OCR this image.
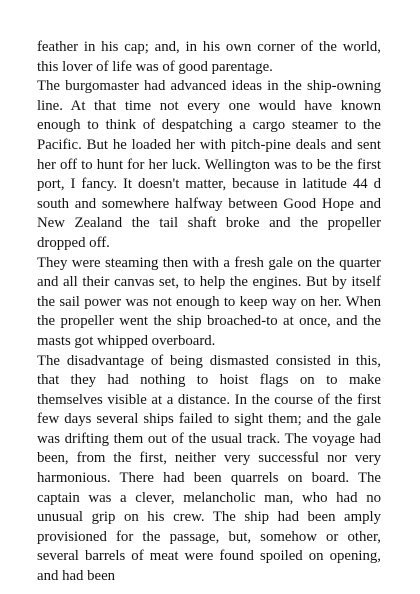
feather in his cap; and, in his own corner of the world, this lover of life was of good parentage.

The burgomaster had advanced ideas in the ship-owning line. At that time not every one would have known enough to think of despatching a cargo steamer to the Pacific. But he loaded her with pitch-pine deals and sent her off to hunt for her luck. Wellington was to be the first port, I fancy. It doesn't matter, because in latitude 44 d south and somewhere halfway between Good Hope and New Zealand the tail shaft broke and the propeller dropped off.

They were steaming then with a fresh gale on the quarter and all their canvas set, to help the engines. But by itself the sail power was not enough to keep way on her. When the propeller went the ship broached-to at once, and the masts got whipped overboard.

The disadvantage of being dismasted consisted in this, that they had nothing to hoist flags on to make themselves visible at a distance. In the course of the first few days several ships failed to sight them; and the gale was drifting them out of the usual track. The voyage had been, from the first, neither very successful nor very harmonious. There had been quarrels on board. The captain was a clever, melancholic man, who had no unusual grip on his crew. The ship had been amply provisioned for the passage, but, somehow or other, several barrels of meat were found spoiled on opening, and had been
